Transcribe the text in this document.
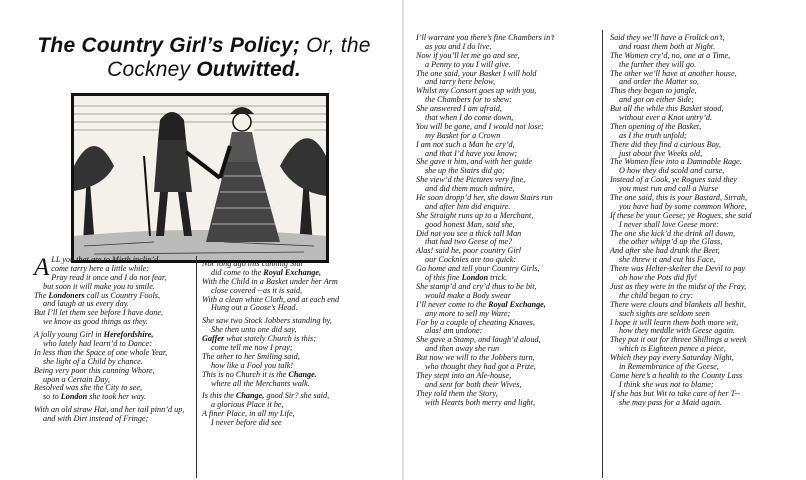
The Country Girl’s Policy; Or, the
Cockney Outwitted.
ALL you that are to Mirth inclin’d
come tarry here a little while:
Pray read it once and I do not fear,
but soon it will make you to smile.
The Londoners call us Country Fools,
and laugh at us every day.
But I’ll let them see before I have done,
we know as good things as they.
A jolly young Girl in Herefordshire,
who lately had learn’d to Dance:
In less than the Space of one whole Year,
she light of a Child by chance.
Being very poor this cunning Whore,
upon a Certain Day,
Resolved was she the City to see,
so to London she took her way.
With an old straw Hat, and her tail pinn’d up,
and with Dirt instead of Fringe;
Nor long ago this cunning Slut
did come to the Royal Exchange,
With the Child in a Basket under her Arm
close covered --as it is said,
With a clean white Cloth, and at each end
Hung out a Goose’s Head.
She saw two Stock Jobbers standing by,
She then unto one did say,
Gaffer what stately Church is this;
come tell me now I pray;
The other to her Smiling said,
how like a Fool you talk!
This is no Church it is the Change.
where all the Merchants walk.
Is this the Change, good Sir? she said,
a glorious Place it be,
A finer Place, in all my Life,
I never before did see
I’ll warrant you there’s fine Chambers in’t
as you and I do live,
Now if you’ll let me go and see,
a Penny to you I will give.
The one said, your Basket I will hold
and tarry here below,
Whilst my Consort goes up with you,
the Chambers for to shew:
She answered I am afraid,
that when I do come down,
You will be gone, and I would not lose;
my Basket for a Crown
I am not such a Man he cry’d,
and that I’d have you know;
She gave it him, and with her guide
she up the Stairs did go;
She view’d the Pictures very fine,
and did them much admire,
He soon dropp’d her, she down Stairs run
and after him did enquire.
She Straight runs up to a Merchant,
good honest Man, said she,
Did not you see a thick tall Man
that had two Geese of me?
Alas! said he, poor country Girl
our Cocknies are too quick:
Go home and tell your Country Girls,
of this fine London trick.
She stamp’d and cry’d thus to be bit,
would make a Body swear
I’ll never come to the Royal Exchange,
any more to sell my Ware;
For by a couple of cheating Knaves,
alas! am undone:
She gave a Stamp, and laugh’d aloud,
and then away she run
But now we will to the Jobbers turn,
who thought they had got a Prize,
They stept into an Ale-house,
and sent for both their Wives,
They told them the Story,
with Hearts both merry and light,
Said they we’ll have a Frolick on’t,
and roast them both at Night.
The Women cry’d, no, one at a Time,
the further they will go.
The other we’ll have at another house,
and order the Matter so,
Thus they began to jangle,
and got on either Side;
But all the while this Basket stood,
without ever a Knot untry’d.
Then opening of the Basket,
as I the truth unfold;
There did they find a curious Boy,
just about five Weeks old,
The Women flew into a Damnable Rage.
O how they did scold and curse,
Instead of a Cook, ye Rogues said they
you must run and call a Nurse
The one said, this is your Bastard, Sirrah,
you have had by some common Whore,
If these be your Geese; ye Rogues, she said
I never shall love Geese more:
The one she kick’d the drink all down,
the other whipp’d up the Glass,
And after she had drunk the Beer,
she threw it and cut his Face,
There was Helter-skelter the Devil to pay
oh how the Pots did fly!
Just as they were in the midst of the Fray,
the child began to cry:
There were clouts and blankets all beshit,
such sights are seldom seen
I hope it will learn them both more wit,
how they meddle with Geese again.
They put it out for threee Shillings a week
which is Eighteen pence a piece,
Which they pay every Saturday Night,
in Remembrance of the Geese,
Come here’s a health to the County Lass
I think she was not to blame;
If she has but Wit to take care of her T--
she may pass for a Maid again.
